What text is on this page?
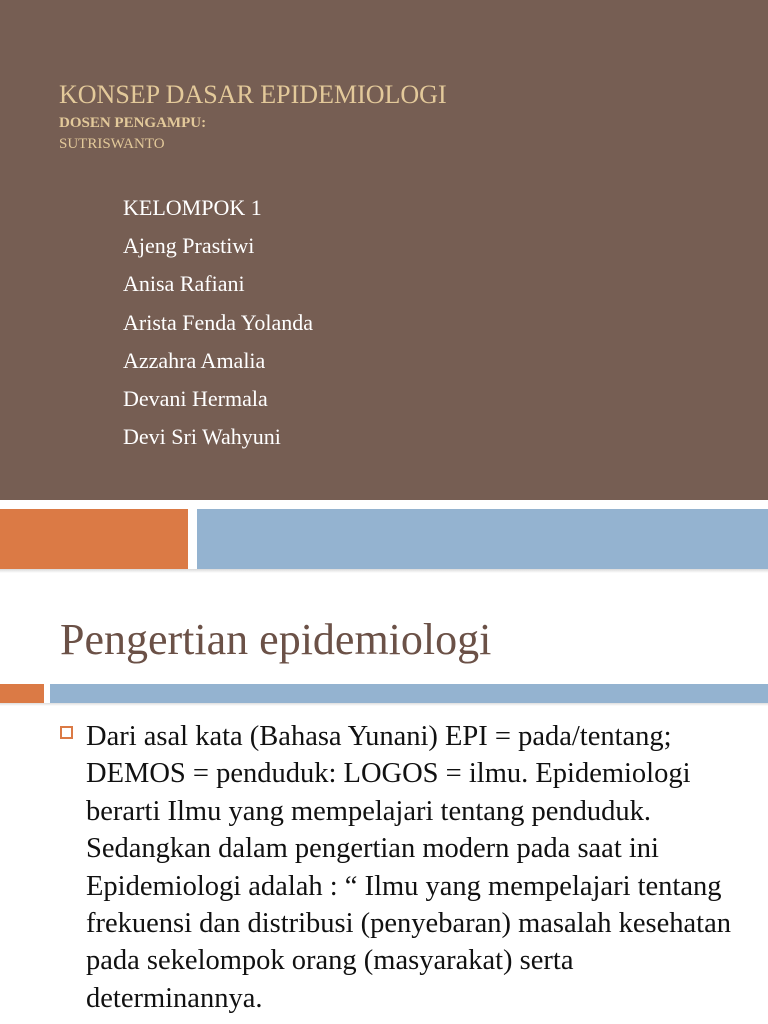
KONSEP DASAR EPIDEMIOLOGI
DOSEN PENGAMPU:
SUTRISWANTO
KELOMPOK 1
Ajeng Prastiwi
Anisa Rafiani
Arista Fenda Yolanda
Azzahra Amalia
Devani Hermala
Devi Sri Wahyuni
Pengertian epidemiologi

Dari asal kata (Bahasa Yunani) EPI = pada/tentang; DEMOS = penduduk: LOGOS = ilmu. Epidemiologi berarti Ilmu yang mempelajari tentang penduduk. Sedangkan dalam pengertian modern pada saat ini Epidemiologi adalah : “ Ilmu yang mempelajari tentang frekuensi dan distribusi (penyebaran) masalah kesehatan pada sekelompok orang (masyarakat) serta determinannya.
